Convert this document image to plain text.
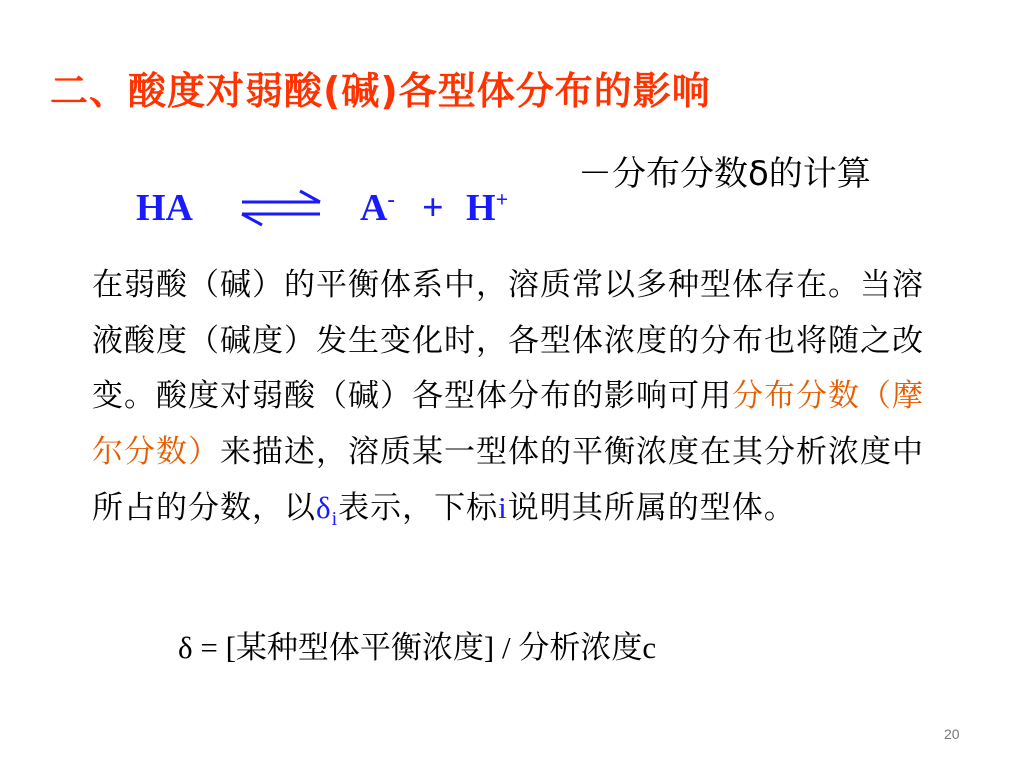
二、酸度对弱酸(碱)各型体分布的影响
－分布分数δ的计算
HA ⇌ A- + H+
在弱酸（碱）的平衡体系中，溶质常以多种型体存在。当溶液酸度（碱度）发生变化时，各型体浓度的分布也将随之改变。酸度对弱酸（碱）各型体分布的影响可用分布分数（摩尔分数）来描述，溶质某一型体的平衡浓度在其分析浓度中所占的分数，以$\delta_i$表示，下标i说明其所属的型体。
δ = [某种型体平衡浓度] / 分析浓度c
20
